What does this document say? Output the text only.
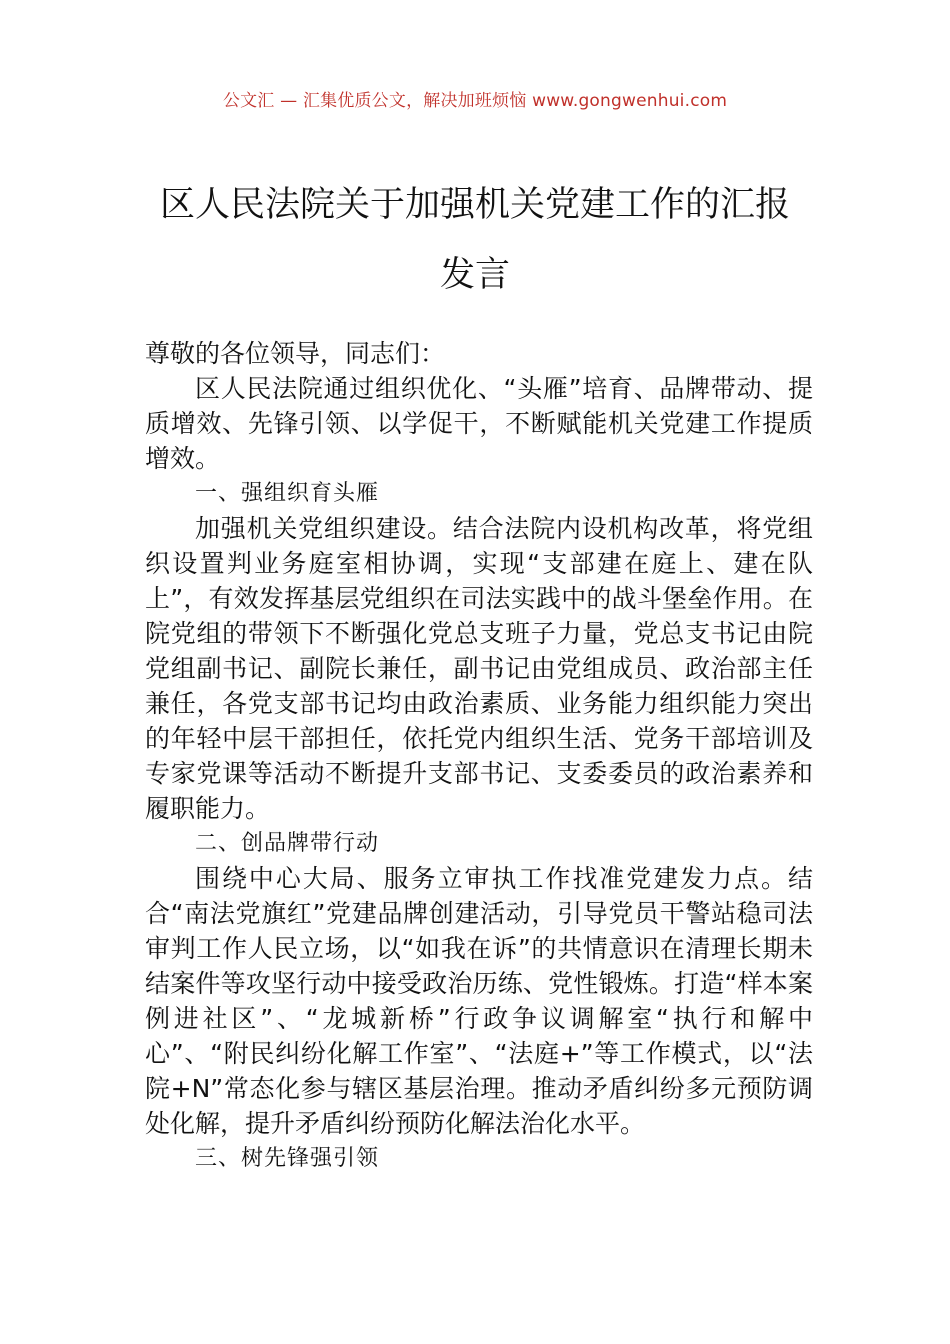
公文汇 — 汇集优质公文，解决加班烦恼 www.gongwenhui.com
区人民法院关于加强机关党建工作的汇报
发言

尊敬的各位领导，同志们：

区人民法院通过组织优化、“头雁”培育、品牌带动、提质增效、先锋引领、以学促干，不断赋能机关党建工作提质增效。

一、强组织育头雁

加强机关党组织建设。结合法院内设机构改革，将党组织设置判业务庭室相协调，实现“支部建在庭上、建在队上”，有效发挥基层党组织在司法实践中的战斗堡垒作用。在院党组的带领下不断强化党总支班子力量，党总支书记由院党组副书记、副院长兼任，副书记由党组成员、政治部主任兼任，各党支部书记均由政治素质、业务能力组织能力突出的年轻中层干部担任，依托党内组织生活、党务干部培训及专家党课等活动不断提升支部书记、支委委员的政治素养和履职能力。

二、创品牌带行动

围绕中心大局、服务立审执工作找准党建发力点。结合“南法党旗红”党建品牌创建活动，引导党员干警站稳司法审判工作人民立场，以“如我在诉”的共情意识在清理长期未结案件等攻坚行动中接受政治历练、党性锻炼。打造“样本案例进社区”、“龙城新桥”行政争议调解室“执行和解中心”、“附民纠纷化解工作室”、“法庭+”等工作模式，以“法院+N”常态化参与辖区基层治理。推动矛盾纠纷多元预防调处化解，提升矛盾纠纷预防化解法治化水平。

三、树先锋强引领
